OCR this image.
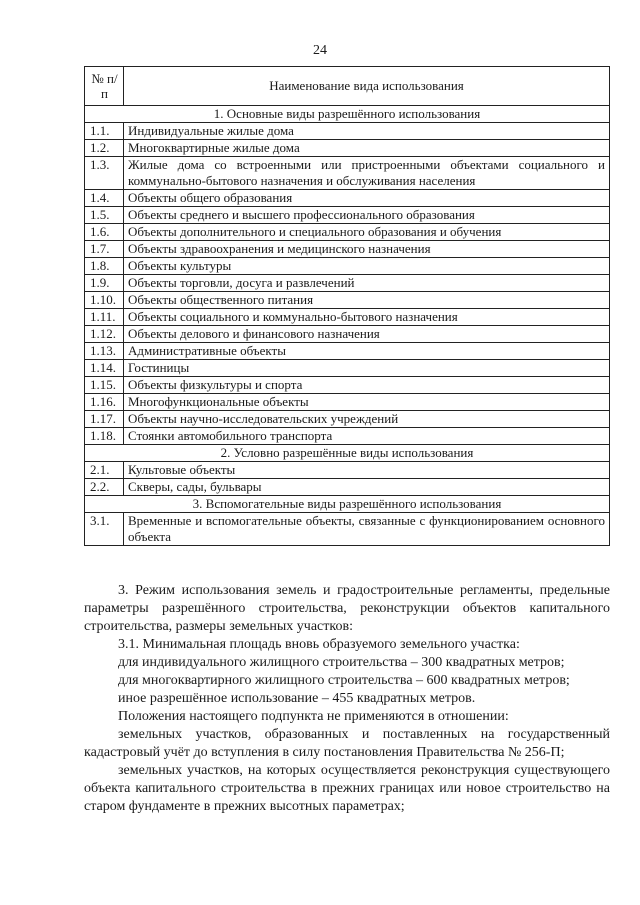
24
№ п/п	Наименование вида использования
1. Основные виды разрешённого использования	
1.1.	Индивидуальные жилые дома
1.2.	Многоквартирные жилые дома
1.3.	Жилые дома со встроенными или пристроенными объектами социального и коммунально-бытового назначения и обслуживания населения
1.4.	Объекты общего образования
1.5.	Объекты среднего и высшего профессионального образования
1.6.	Объекты дополнительного и специального образования и обучения
1.7.	Объекты здравоохранения и медицинского назначения
1.8.	Объекты культуры
1.9.	Объекты торговли, досуга и развлечений
1.10.	Объекты общественного питания
1.11.	Объекты социального и коммунально-бытового назначения
1.12.	Объекты делового и финансового назначения
1.13.	Административные объекты
1.14.	Гостиницы
1.15.	Объекты физкультуры и спорта
1.16.	Многофункциональные объекты
1.17.	Объекты научно-исследовательских учреждений
1.18.	Стоянки автомобильного транспорта
2. Условно разрешённые виды использования	
2.1.	Культовые объекты
2.2.	Скверы, сады, бульвары
3. Вспомогательные виды разрешённого использования	
3.1.	Временные и вспомогательные объекты, связанные с функционированием основного объекта

3. Режим использования земель и градостроительные регламенты, предельные параметры разрешённого строительства, реконструкции объектов капитального строительства, размеры земельных участков:

3.1. Минимальная площадь вновь образуемого земельного участка:

для индивидуального жилищного строительства – 300 квадратных метров;

для многоквартирного жилищного строительства – 600 квадратных метров;

иное разрешённое использование – 455 квадратных метров.

Положения настоящего подпункта не применяются в отношении:

земельных участков, образованных и поставленных на государственный кадастровый учёт до вступления в силу постановления Правительства № 256-П;

земельных участков, на которых осуществляется реконструкция существующего объекта капитального строительства в прежних границах или новое строительство на старом фундаменте в прежних высотных параметрах;
